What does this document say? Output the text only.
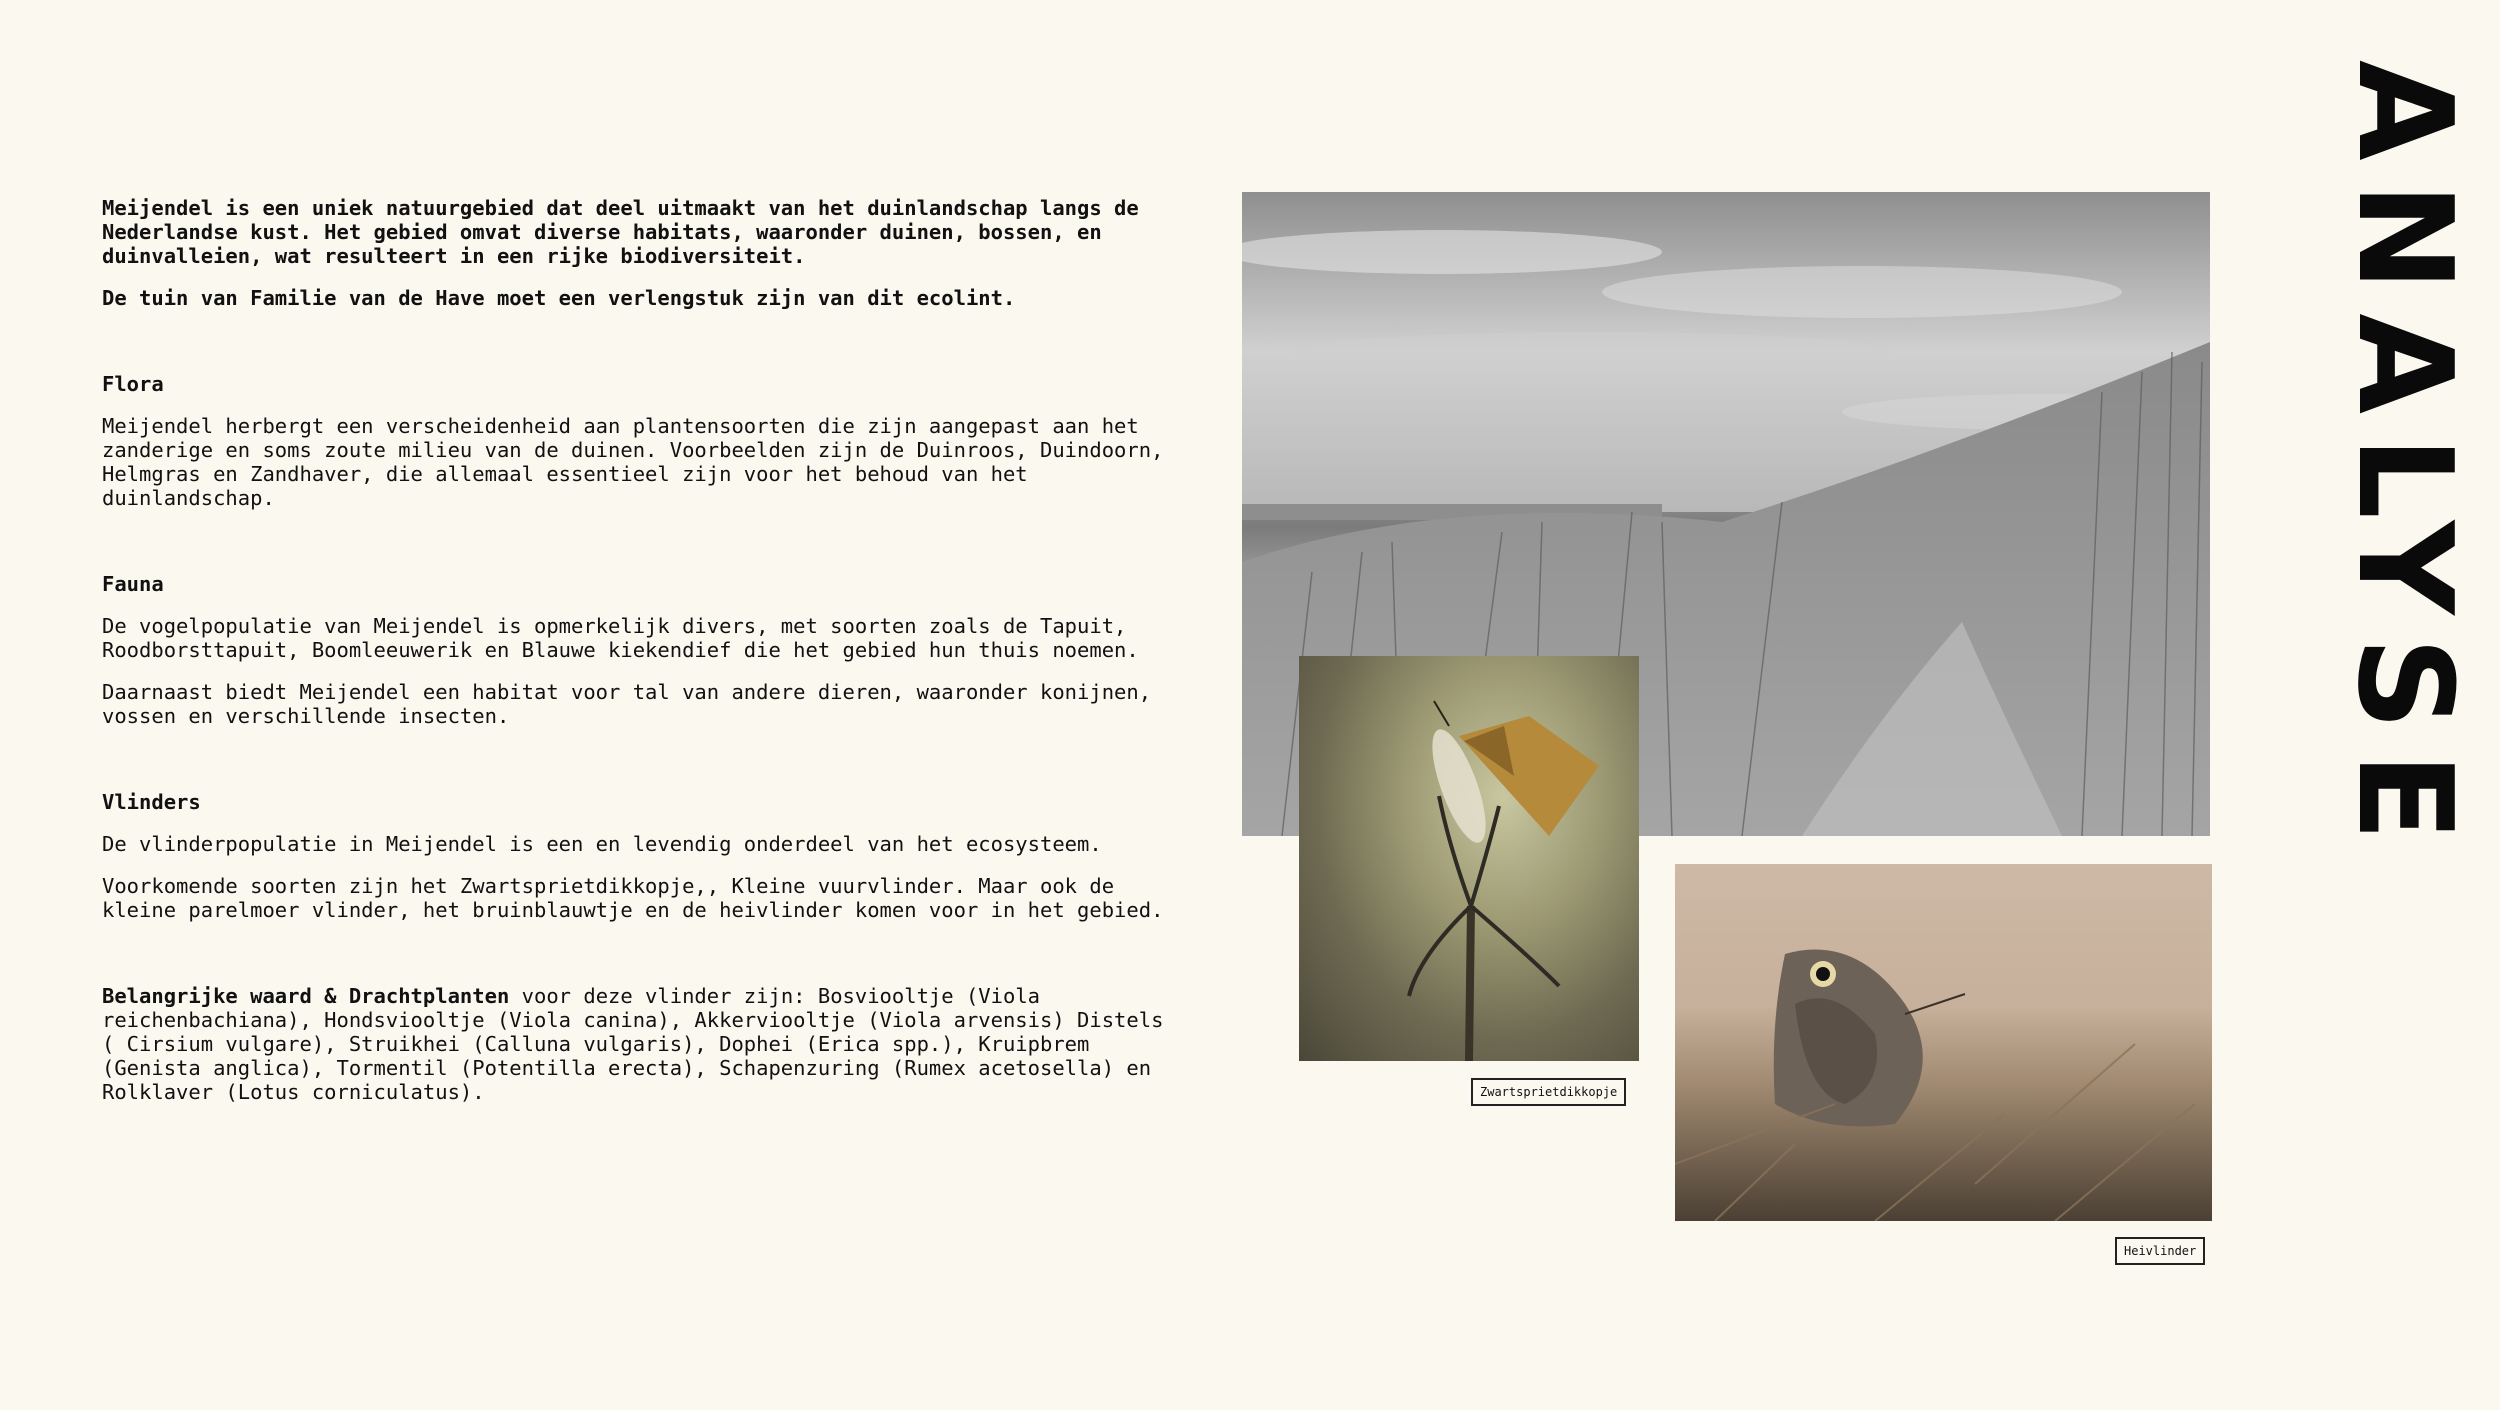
Meijendel is een uniek natuurgebied dat deel uitmaakt van het duinlandschap langs de Nederlandse kust. Het gebied omvat diverse habitats, waaronder duinen, bossen, en duinvalleien, wat resulteert in een rijke biodiversiteit.

De tuin van Familie van de Have moet een verlengstuk zijn van dit ecolint.

Flora

Meijendel herbergt een verscheidenheid aan plantensoorten die zijn aangepast aan het zanderige en soms zoute milieu van de duinen. Voorbeelden zijn de Duinroos, Duindoorn, Helmgras en Zandhaver, die allemaal essentieel zijn voor het behoud van het duinlandschap.

Fauna

De vogelpopulatie van Meijendel is opmerkelijk divers, met soorten zoals de Tapuit, Roodborsttapuit, Boomleeuwerik en Blauwe kiekendief die het gebied hun thuis noemen.

Daarnaast biedt Meijendel een habitat voor tal van andere dieren, waaronder konijnen, vossen en verschillende insecten.

Vlinders

De vlinderpopulatie in Meijendel is een en levendig onderdeel van het ecosysteem.

Voorkomende soorten zijn het Zwartsprietdikkopje,, Kleine vuurvlinder. Maar ook de kleine parelmoer vlinder, het bruinblauwtje en de heivlinder komen voor in het gebied.

Belangrijke waard & Drachtplanten voor deze vlinder zijn: Bosviooltje (Viola reichenbachiana), Hondsviooltje (Viola canina), Akkerviooltje (Viola arvensis) Distels ( Cirsium vulgare), Struikhei (Calluna vulgaris), Dophei (Erica spp.), Kruipbrem (Genista anglica), Tormentil (Potentilla erecta), Schapenzuring (Rumex acetosella) en Rolklaver (Lotus corniculatus).

ANALYSE
Zwartsprietdikkopje
Heivlinder
